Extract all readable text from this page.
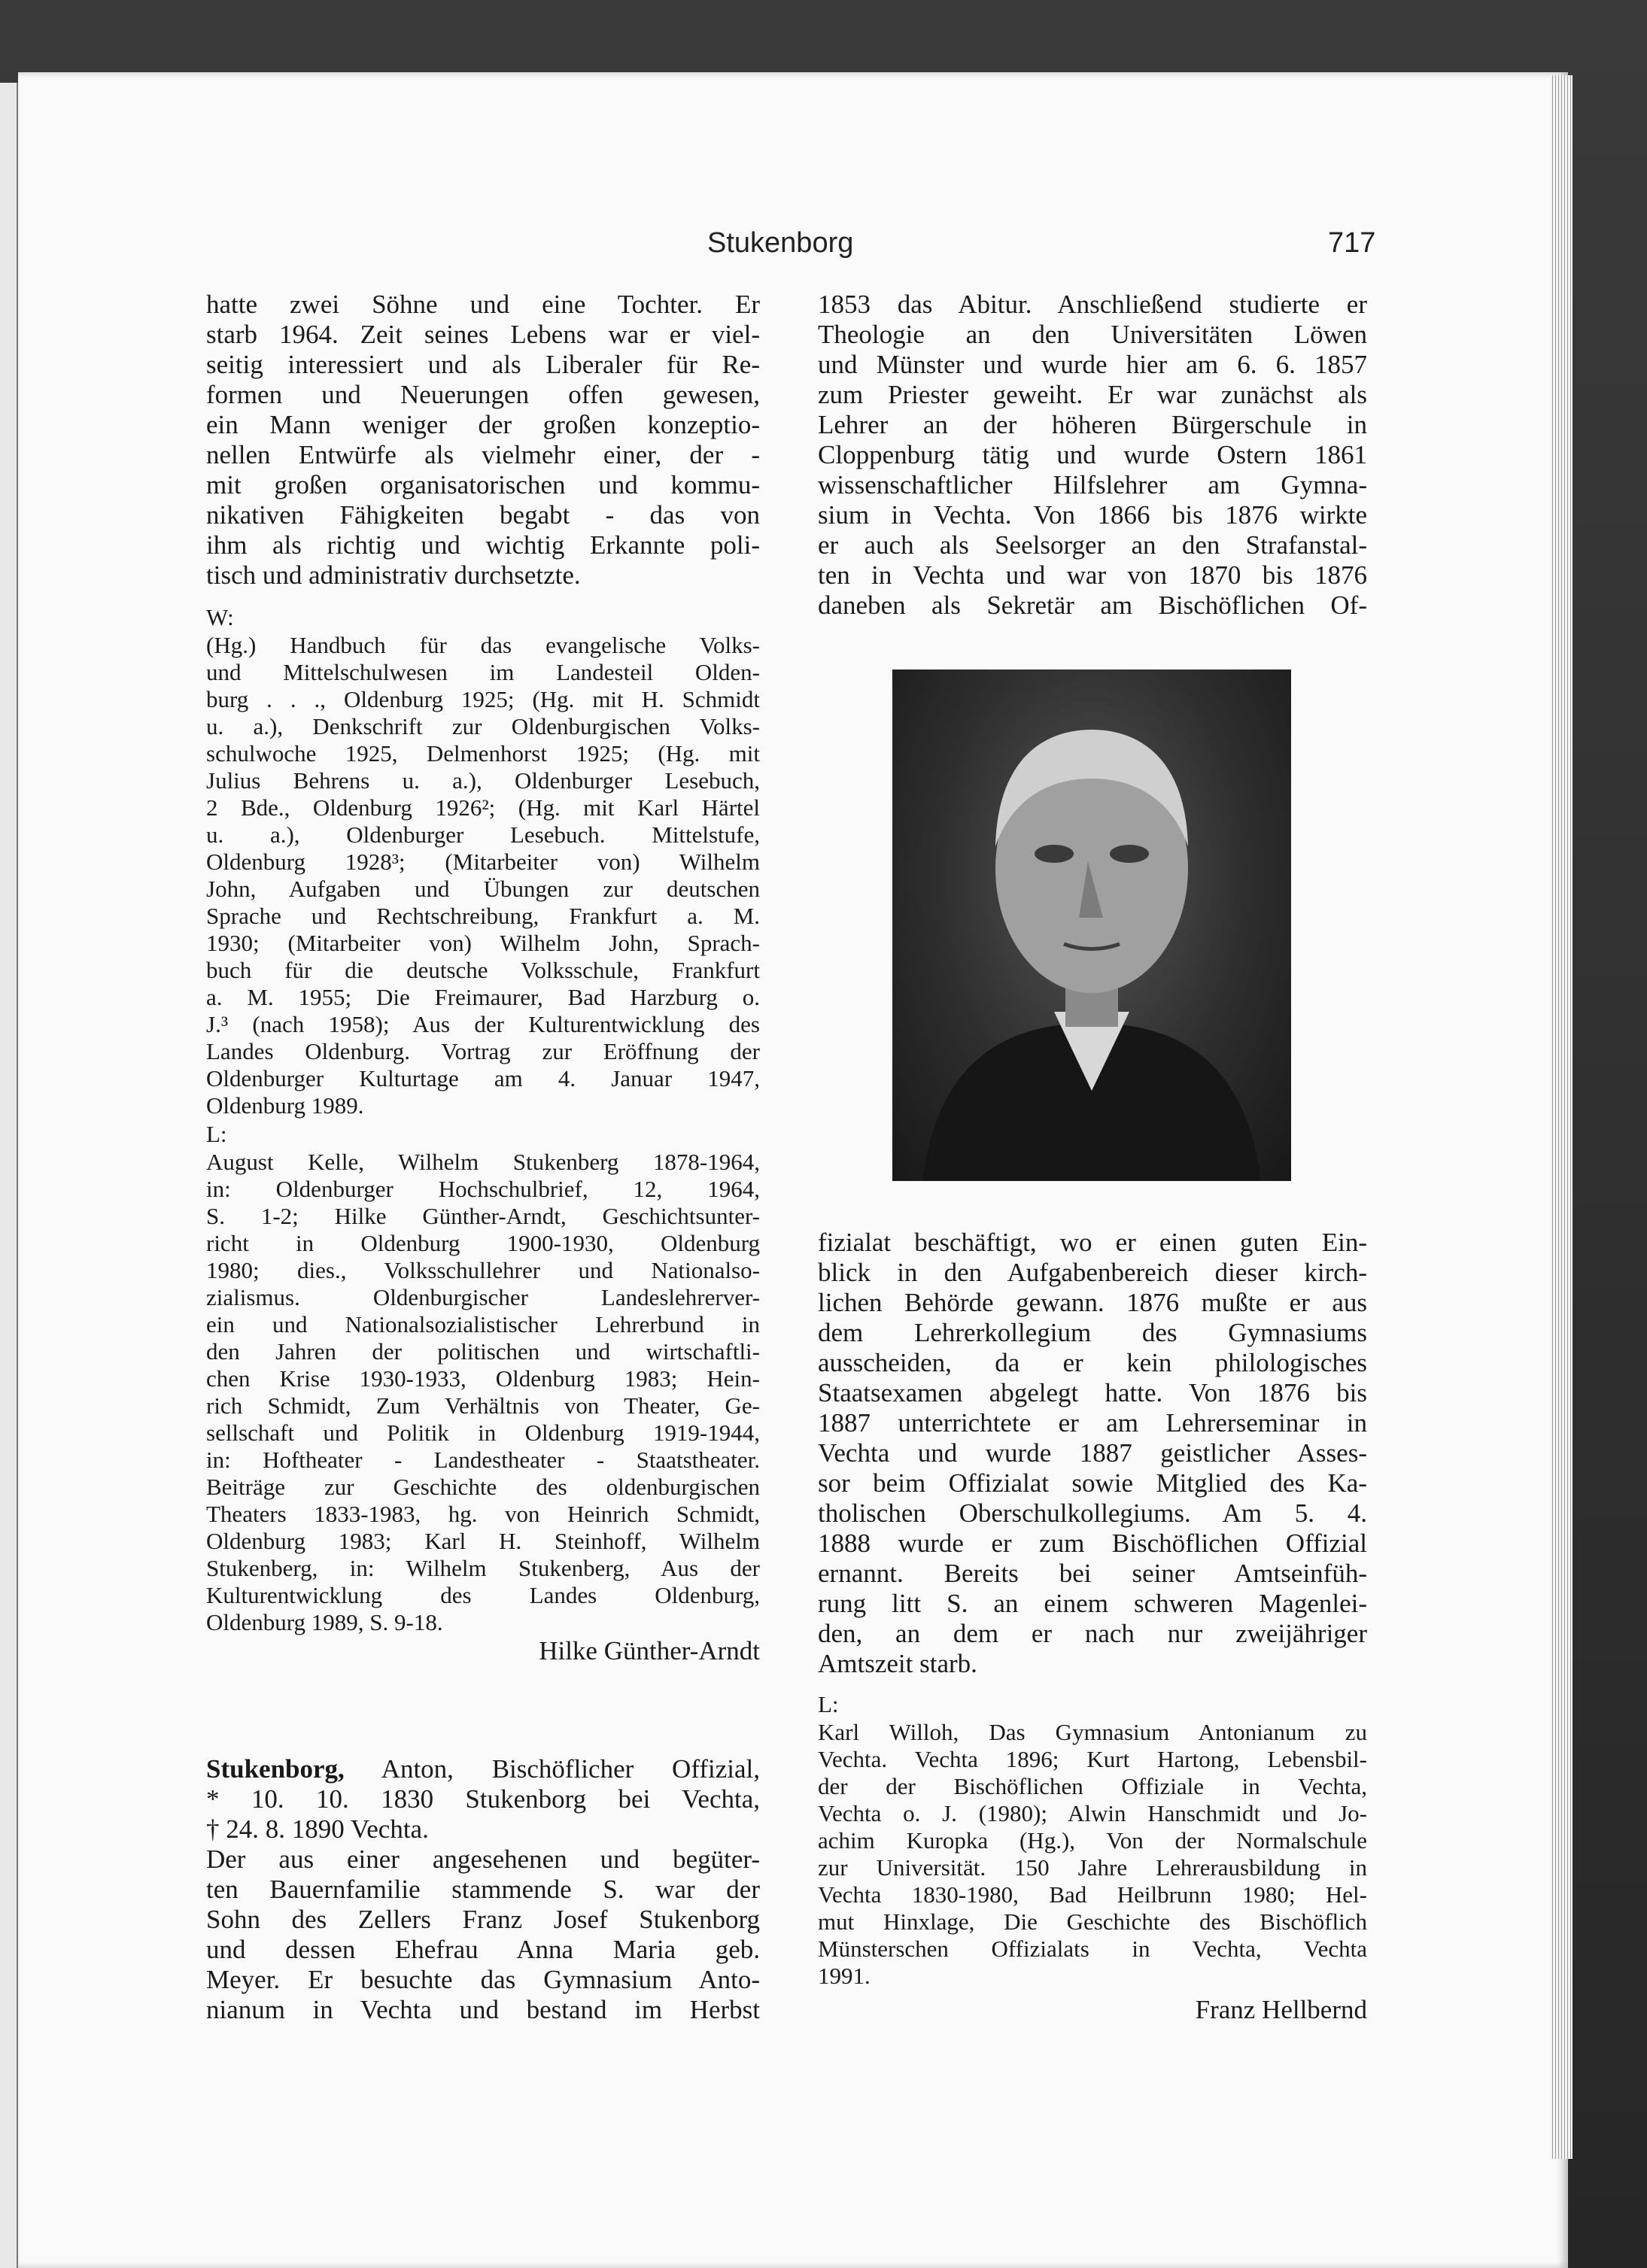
Stukenborg	717
hatte zwei Söhne und eine Tochter. Er
starb 1964. Zeit seines Lebens war er viel-
seitig interessiert und als Liberaler für Re-
formen und Neuerungen offen gewesen,
ein Mann weniger der großen konzeptio-
nellen Entwürfe als vielmehr einer, der -
mit großen organisatorischen und kommu-
nikativen Fähigkeiten begabt - das von
ihm als richtig und wichtig Erkannte poli-
tisch und administrativ durchsetzte.
W:
(Hg.) Handbuch für das evangelische Volks-
und Mittelschulwesen im Landesteil Olden-
burg . . ., Oldenburg 1925; (Hg. mit H. Schmidt
u. a.), Denkschrift zur Oldenburgischen Volks-
schulwoche 1925, Delmenhorst 1925; (Hg. mit
Julius Behrens u. a.), Oldenburger Lesebuch,
2 Bde., Oldenburg 1926²; (Hg. mit Karl Härtel
u. a.), Oldenburger Lesebuch. Mittelstufe,
Oldenburg 1928³; (Mitarbeiter von) Wilhelm
John, Aufgaben und Übungen zur deutschen
Sprache und Rechtschreibung, Frankfurt a. M.
1930; (Mitarbeiter von) Wilhelm John, Sprach-
buch für die deutsche Volksschule, Frankfurt
a. M. 1955; Die Freimaurer, Bad Harzburg o.
J.³ (nach 1958); Aus der Kulturentwicklung des
Landes Oldenburg. Vortrag zur Eröffnung der
Oldenburger Kulturtage am 4. Januar 1947,
Oldenburg 1989.
L:
August Kelle, Wilhelm Stukenberg 1878-1964,
in: Oldenburger Hochschulbrief, 12, 1964,
S. 1-2; Hilke Günther-Arndt, Geschichtsunter-
richt in Oldenburg 1900-1930, Oldenburg
1980; dies., Volksschullehrer und Nationalso-
zialismus. Oldenburgischer Landeslehrerver-
ein und Nationalsozialistischer Lehrerbund in
den Jahren der politischen und wirtschaftli-
chen Krise 1930-1933, Oldenburg 1983; Hein-
rich Schmidt, Zum Verhältnis von Theater, Ge-
sellschaft und Politik in Oldenburg 1919-1944,
in: Hoftheater - Landestheater - Staatstheater.
Beiträge zur Geschichte des oldenburgischen
Theaters 1833-1983, hg. von Heinrich Schmidt,
Oldenburg 1983; Karl H. Steinhoff, Wilhelm
Stukenberg, in: Wilhelm Stukenberg, Aus der
Kulturentwicklung des Landes Oldenburg,
Oldenburg 1989, S. 9-18.
Hilke Günther-Arndt
Stukenborg, Anton, Bischöflicher Offizial,
* 10. 10. 1830 Stukenborg bei Vechta,
† 24. 8. 1890 Vechta.
Der aus einer angesehenen und begüter-
ten Bauernfamilie stammende S. war der
Sohn des Zellers Franz Josef Stukenborg
und dessen Ehefrau Anna Maria geb.
Meyer. Er besuchte das Gymnasium Anto-
nianum in Vechta und bestand im Herbst
1853 das Abitur. Anschließend studierte er
Theologie an den Universitäten Löwen
und Münster und wurde hier am 6. 6. 1857
zum Priester geweiht. Er war zunächst als
Lehrer an der höheren Bürgerschule in
Cloppenburg tätig und wurde Ostern 1861
wissenschaftlicher Hilfslehrer am Gymna-
sium in Vechta. Von 1866 bis 1876 wirkte
er auch als Seelsorger an den Strafanstal-
ten in Vechta und war von 1870 bis 1876
daneben als Sekretär am Bischöflichen Of-
fizialat beschäftigt, wo er einen guten Ein-
blick in den Aufgabenbereich dieser kirch-
lichen Behörde gewann. 1876 mußte er aus
dem Lehrerkollegium des Gymnasiums
ausscheiden, da er kein philologisches
Staatsexamen abgelegt hatte. Von 1876 bis
1887 unterrichtete er am Lehrerseminar in
Vechta und wurde 1887 geistlicher Asses-
sor beim Offizialat sowie Mitglied des Ka-
tholischen Oberschulkollegiums. Am 5. 4.
1888 wurde er zum Bischöflichen Offizial
ernannt. Bereits bei seiner Amtseinfüh-
rung litt S. an einem schweren Magenlei-
den, an dem er nach nur zweijähriger
Amtszeit starb.
L:
Karl Willoh, Das Gymnasium Antonianum zu
Vechta. Vechta 1896; Kurt Hartong, Lebensbil-
der der Bischöflichen Offiziale in Vechta,
Vechta o. J. (1980); Alwin Hanschmidt und Jo-
achim Kuropka (Hg.), Von der Normalschule
zur Universität. 150 Jahre Lehrerausbildung in
Vechta 1830-1980, Bad Heilbrunn 1980; Hel-
mut Hinxlage, Die Geschichte des Bischöflich
Münsterschen Offizialats in Vechta, Vechta
1991.
Franz Hellbernd
